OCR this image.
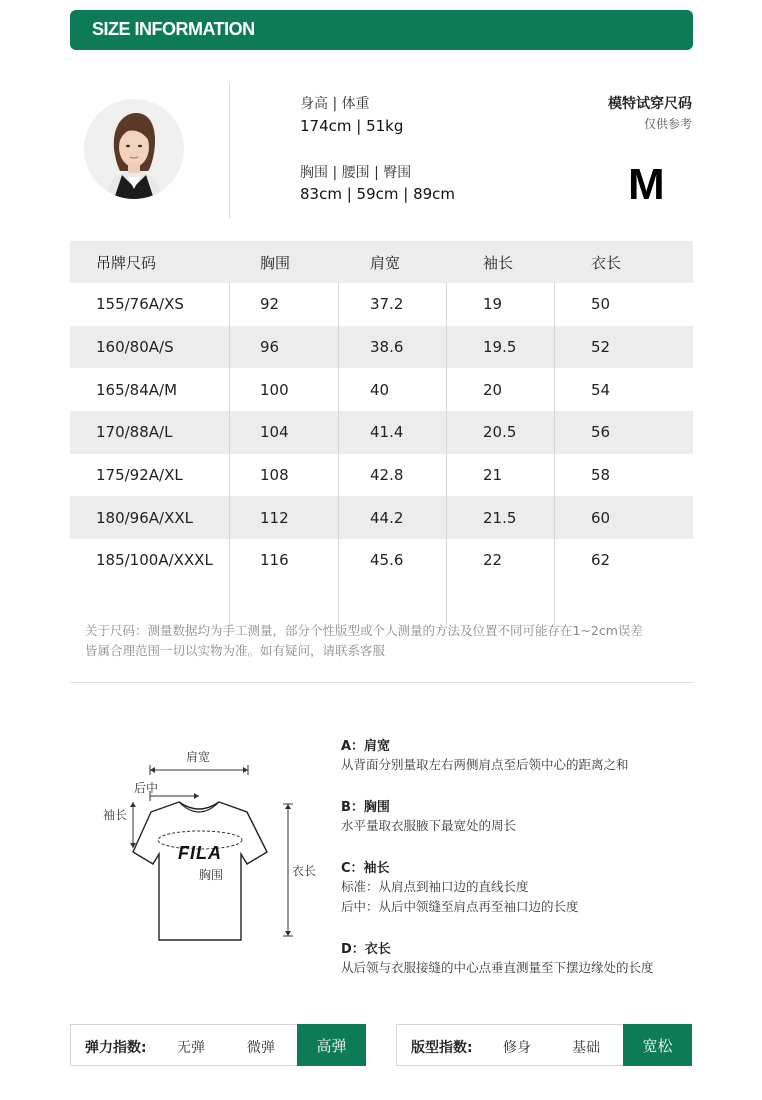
SIZE INFORMATION
身高 | 体重
174cm | 51kg
胸围 | 腰围 | 臀围
83cm | 59cm | 89cm
模特试穿尺码
仅供参考
M
吊牌尺码	胸围	肩宽	袖长	衣长
155/76A/XS	92	37.2	19	50
160/80A/S	96	38.6	19.5	52
165/84A/M	100	40	20	54
170/88A/L	104	41.4	20.5	56
175/92A/XL	108	42.8	21	58
180/96A/XXL	112	44.2	21.5	60
185/100A/XXXL	116	45.6	22	62
关于尺码：测量数据均为手工测量，部分个性版型或个人测量的方法及位置不同可能存在1~2cm误差
皆属合理范围一切以实物为准。如有疑问，请联系客服
肩宽
后中
袖长
衣长
FILA
胸围
A：肩宽
从背面分别量取左右两侧肩点至后领中心的距离之和
B：胸围
水平量取衣服腋下最宽处的周长
C：袖长
标准：从肩点到袖口边的直线长度
后中：从后中领缝至肩点再至袖口边的长度
D：衣长
从后领与衣服接缝的中心点垂直测量至下摆边缘处的长度
弹力指数: 无弹	微弹	高弹	版型指数: 修身	基础	宽松
